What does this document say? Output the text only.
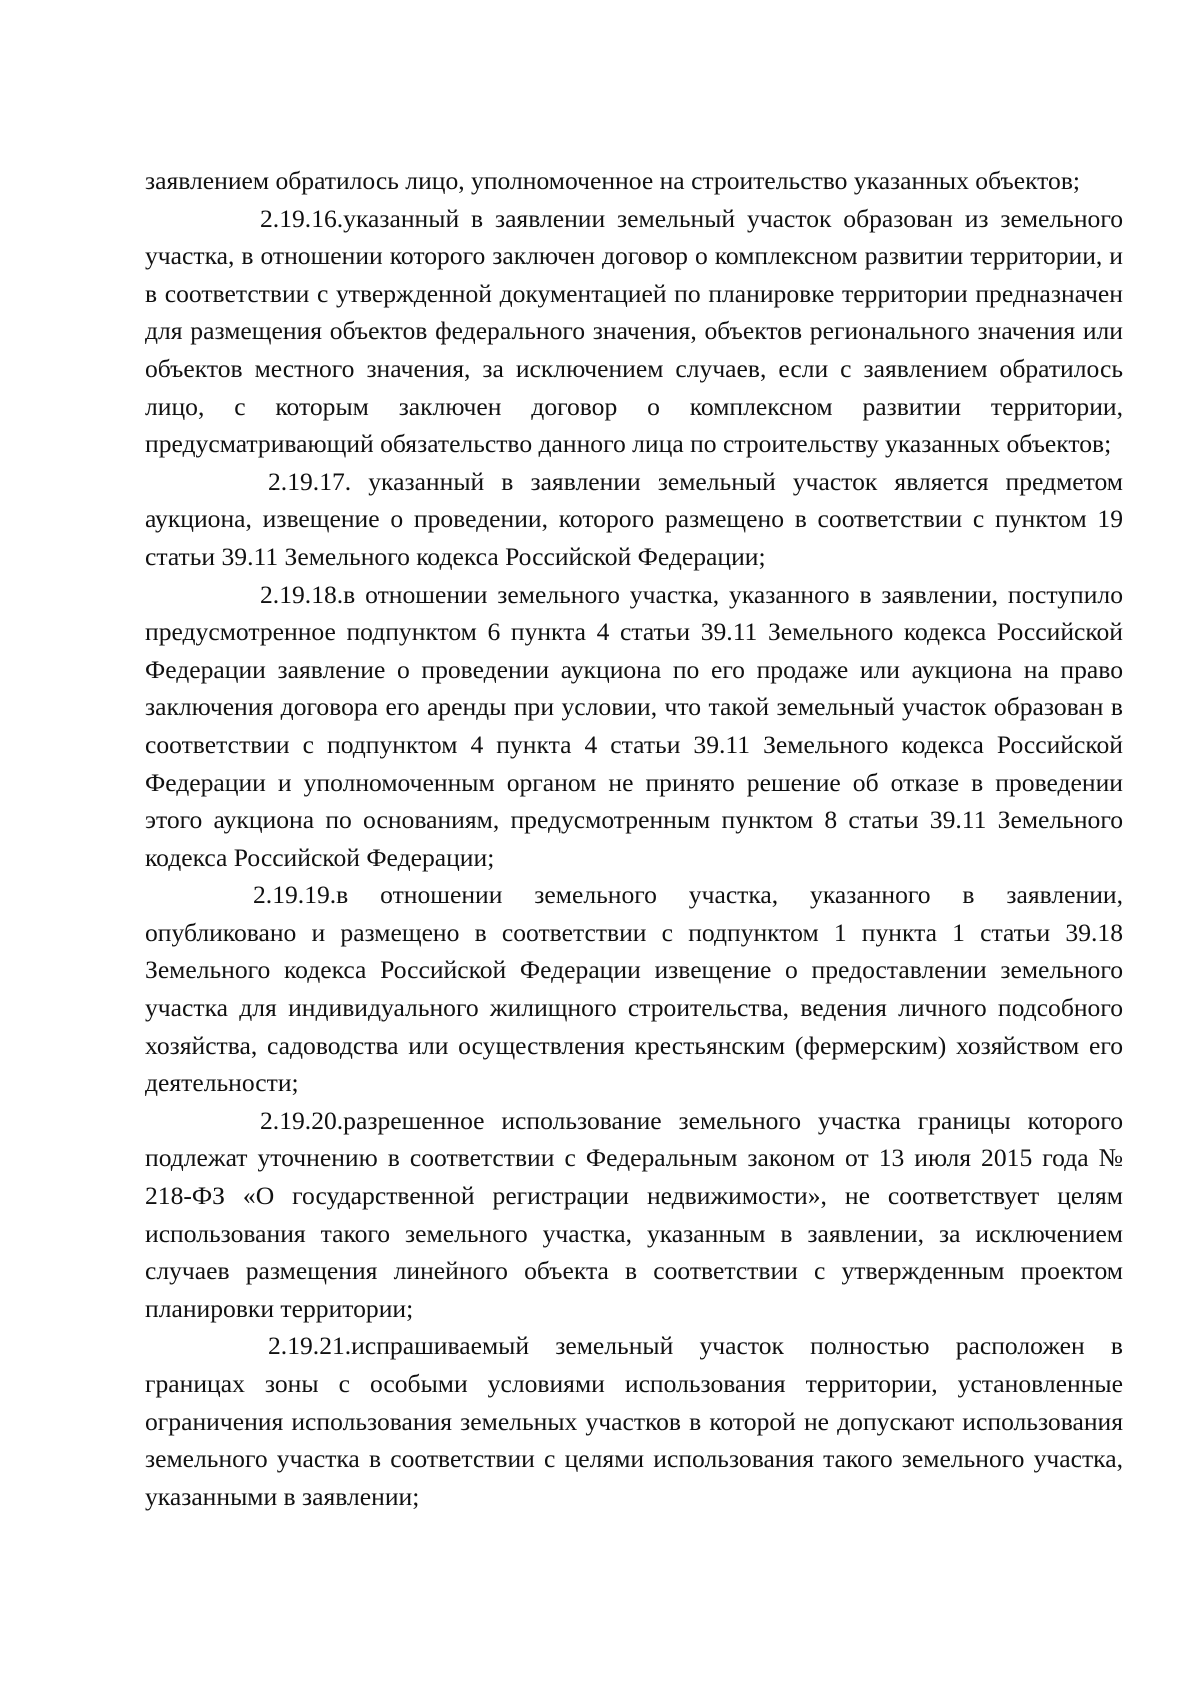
заявлением обратилось лицо, уполномоченное на строительство указанных объектов;

2.19.16.указанный в заявлении земельный участок образован из земельного участка, в отношении которого заключен договор о комплексном развитии территории, и в соответствии с утвержденной документацией по планировке территории предназначен для размещения объектов федерального значения, объектов регионального значения или объектов местного значения, за исключением случаев, если с заявлением обратилось лицо, с которым заключен договор о комплексном развитии территории, предусматривающий обязательство данного лица по строительству указанных объектов;

2.19.17. указанный в заявлении земельный участок является предметом аукциона, извещение о проведении, которого размещено в соответствии с пунктом 19 статьи 39.11 Земельного кодекса Российской Федерации;

2.19.18.в отношении земельного участка, указанного в заявлении, поступило предусмотренное подпунктом 6 пункта 4 статьи 39.11 Земельного кодекса Российской Федерации заявление о проведении аукциона по его продаже или аукциона на право заключения договора его аренды при условии, что такой земельный участок образован в соответствии с подпунктом 4 пункта 4 статьи 39.11 Земельного кодекса Российской Федерации и уполномоченным органом не принято решение об отказе в проведении этого аукциона по основаниям, предусмотренным пунктом 8 статьи 39.11 Земельного кодекса Российской Федерации;

2.19.19.в отношении земельного участка, указанного в заявлении, опубликовано и размещено в соответствии с подпунктом 1 пункта 1 статьи 39.18 Земельного кодекса Российской Федерации извещение о предоставлении земельного участка для индивидуального жилищного строительства, ведения личного подсобного хозяйства, садоводства или осуществления крестьянским (фермерским) хозяйством его деятельности;

2.19.20.разрешенное использование земельного участка границы которого подлежат уточнению в соответствии с Федеральным законом от 13 июля 2015 года № 218-ФЗ «О государственной регистрации недвижимости», не соответствует целям использования такого земельного участка, указанным в заявлении, за исключением случаев размещения линейного объекта в соответствии с утвержденным проектом планировки территории;

2.19.21.испрашиваемый земельный участок полностью расположен в границах зоны с особыми условиями использования территории, установленные ограничения использования земельных участков в которой не допускают использования земельного участка в соответствии с целями использования такого земельного участка, указанными в заявлении;
